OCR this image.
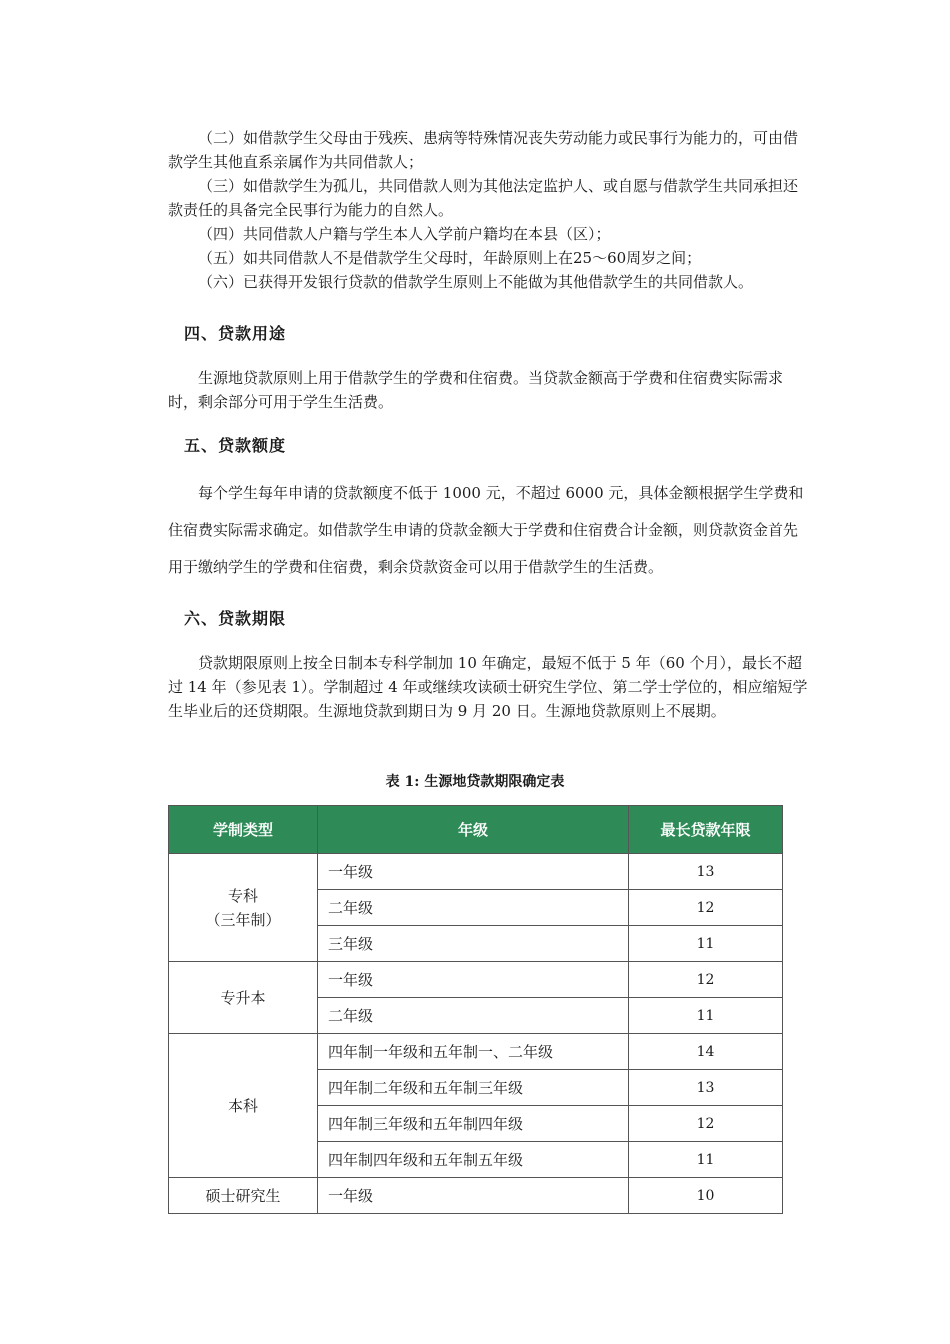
（二）如借款学生父母由于残疾、患病等特殊情况丧失劳动能力或民事行为能力的，可由借款学生其他直系亲属作为共同借款人；

（三）如借款学生为孤儿，共同借款人则为其他法定监护人、或自愿与借款学生共同承担还款责任的具备完全民事行为能力的自然人。

（四）共同借款人户籍与学生本人入学前户籍均在本县（区）；

（五）如共同借款人不是借款学生父母时，年龄原则上在25～60周岁之间；

（六）已获得开发银行贷款的借款学生原则上不能做为其他借款学生的共同借款人。

四、贷款用途

生源地贷款原则上用于借款学生的学费和住宿费。当贷款金额高于学费和住宿费实际需求时，剩余部分可用于学生生活费。

五、贷款额度

每个学生每年申请的贷款额度不低于 1000 元，不超过 6000 元，具体金额根据学生学费和住宿费实际需求确定。如借款学生申请的贷款金额大于学费和住宿费合计金额，则贷款资金首先用于缴纳学生的学费和住宿费，剩余贷款资金可以用于借款学生的生活费。

六、贷款期限

贷款期限原则上按全日制本专科学制加 10 年确定，最短不低于 5 年（60 个月），最长不超过 14 年（参见表 1）。学制超过 4 年或继续攻读硕士研究生学位、第二学士学位的，相应缩短学生毕业后的还贷期限。生源地贷款到期日为 9 月 20 日。生源地贷款原则上不展期。

表 1: 生源地贷款期限确定表
学制类型	年级	最长贷款年限

专科
（三年制）	一年级	13
	二年级	12
	三年级	11
专升本	一年级	12
	二年级	11
本科	四年制一年级和五年制一、二年级	14
	四年制二年级和五年制三年级	13
	四年制三年级和五年制四年级	12
	四年制四年级和五年制五年级	11
硕士研究生	一年级	10
